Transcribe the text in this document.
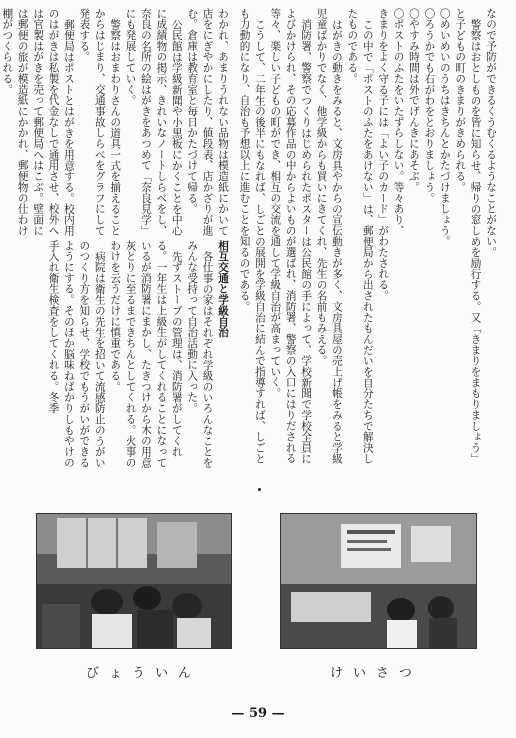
わかれ、あまりうれない品物は模造紙にかいて店をにぎやかにしたり、値段表、店かざりが進む。倉庫は教育室と毎日かたづけて帰る。

公民館は学級新聞や小黒板にかくことを中心に成績物の掲示、きれいなノートしらべをし、奈良の名所の絵はがきをあつめて「奈良見学」にも発展していく。

警察はおまわりさんの道具一式を揃えることからはじまり、交通事故しらべをグラフにして発表する。

郵便局はポストとはがきを用意する。校内用のはがきは私製を代金なしで通用させ、校外へは官製はがきを売って郵便局へはこぶ。壁面には郵便の旅が模造紙にかかれ、郵便物の仕わけ棚がつくられる。

相互交通と学級自治

各仕事の家はそれぞれ学級のいろんなことをみんな受持って自治活動に入った。

先ずストーブの管理は、消防署がしてくれる。一年生は上級生がしてくれることになっているが消防署にまかし、たきつけから木の用意灰とりに至るまできちんとしてくれる。火事のわけを云うだけに慎重である。

病院は衛生の先生を招いて流感防止のうがいのつくり方を知らせ、学校でもうがいができるようにする。そのほか脳味ねばかりしもやけの手入れ衛生検査をしてくれる。冬季

なので予防ができるくうむくるようなことがない。

警察はおとしものを皆に知らせ、帰りの窓しめを励行する。又「きまりをまもりましょう」と子どもの町のきまりがきめられる。

〇めいめいのうちはきちんとかたづけましょう。

〇ろうかでも右がわをとおりましょう。

〇やすみ時間は外でげんきにあそぶ。

〇ポストのふたをいたずらしない。等々あり、

きまりをよく守る子には「よい子のカード」がわたされる。

この中で「ポストのふたをあけない」は、郵便局から出されたもんだいを自分たちで解決したものである。

はがきの動きをみると、文房具やからの宣伝動きが多く、文房具屋の売上げ帳をみると学級児童ばかりでなく、他学級からも買いにきてくれ、先生の名前もみえる。

消防署、警察でつくりはじめられたポスターは公民館の手によって、学校新聞で学校全員によびかけられ、その応募作品の中からよいものが選ばれ、消防署、警察の入口にはりだされる等々、楽しい子どもの町ができ、相互の交流を通して学級自治が高まっていく。

こうして、二年生の後半にもなれば、しごとの展開を学級自治に結んで指導すれば、しごとも力動的になり、自治も予想以上に進むことを知るのである。

びょういん	けいさつ
— 59 —
